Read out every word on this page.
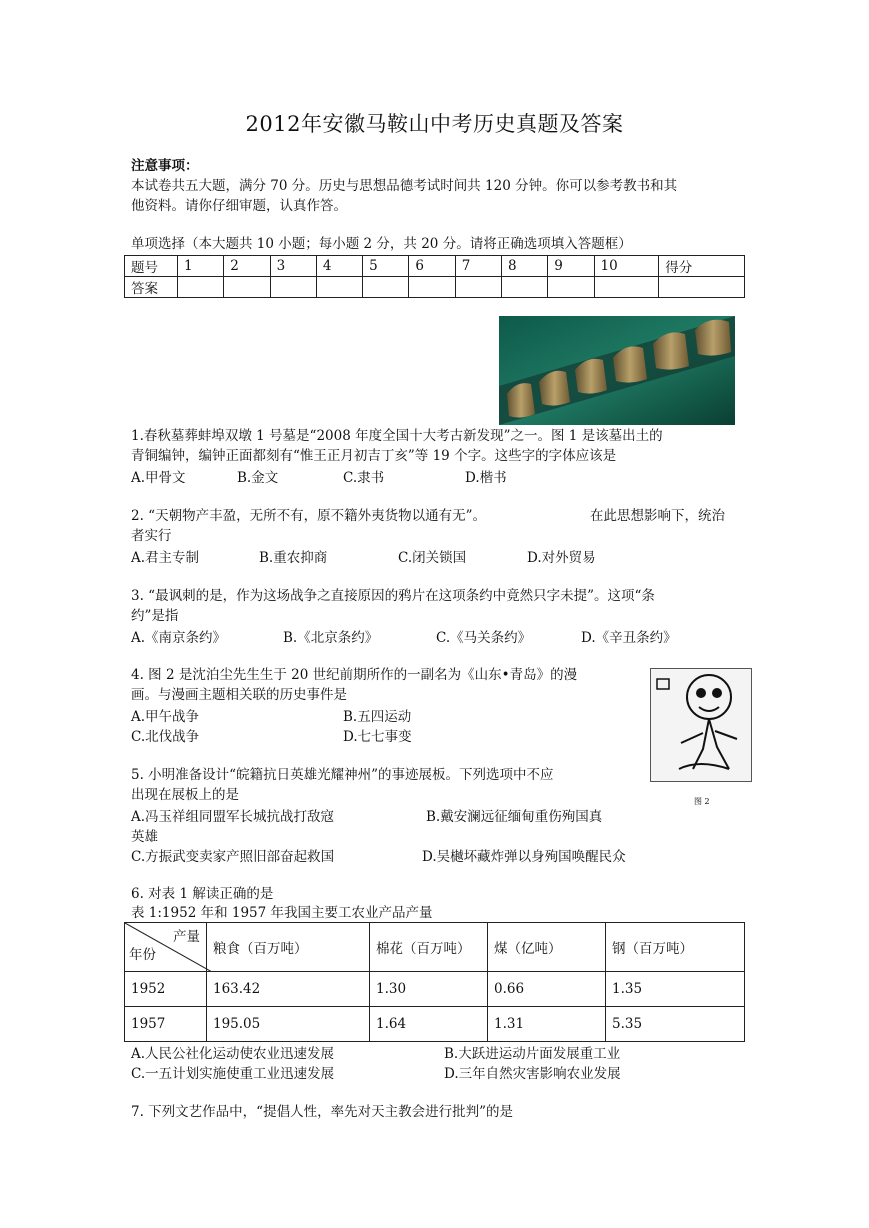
2012年安徽马鞍山中考历史真题及答案
注意事项：
本试卷共五大题，满分 70 分。历史与思想品德考试时间共 120 分钟。你可以参考教书和其
他资料。请你仔细审题，认真作答。
单项选择（本大题共 10 小题；每小题 2 分，共 20 分。请将正确选项填入答题框）
题号	1	2	3	4	5	6	7	8	9	10	得分
答案											
图 2
1.春秋墓葬蚌埠双墩 1 号墓是“2008 年度全国十大考古新发现”之一。图 1 是该墓出土的
青铜编钟，编钟正面都刻有“惟王正月初吉丁亥”等 19 个字。这些字的字体应该是
A.甲骨文	B.金文	C.隶书	D.楷书
2. “天朝物产丰盈，无所不有，原不籍外夷货物以通有无”。	在此思想影响下，统治
者实行
A.君主专制	B.重农抑商	C.闭关锁国	D.对外贸易
3. “最讽刺的是，作为这场战争之直接原因的鸦片在这项条约中竟然只字未提”。这项“条
约”是指
A.《南京条约》	B.《北京条约》	C.《马关条约》	D.《辛丑条约》
4. 图 2 是沈泊尘先生生于 20 世纪前期所作的一副名为《山东•青岛》的漫
画。与漫画主题相关联的历史事件是
A.甲午战争	B.五四运动
C.北伐战争	D.七七事变
5. 小明准备设计“皖籍抗日英雄光耀神州”的事迹展板。下列选项中不应
出现在展板上的是
A.冯玉祥组同盟军长城抗战打敌寇	B.戴安澜远征缅甸重伤殉国真
英雄
C.方振武变卖家产照旧部奋起救国	D.吴樾坏藏炸弹以身殉国唤醒民众
6. 对表 1 解读正确的是
表 1:1952 年和 1957 年我国主要工农业产品产量
产量
年份	粮食（百万吨）	棉花（百万吨）	煤（亿吨）	钢（百万吨）
1952	163.42	1.30	0.66	1.35
1957	195.05	1.64	1.31	5.35
A.人民公社化运动使农业迅速发展	B.大跃进运动片面发展重工业
C.一五计划实施使重工业迅速发展	D.三年自然灾害影响农业发展
7. 下列文艺作品中，“提倡人性，率先对天主教会进行批判”的是
